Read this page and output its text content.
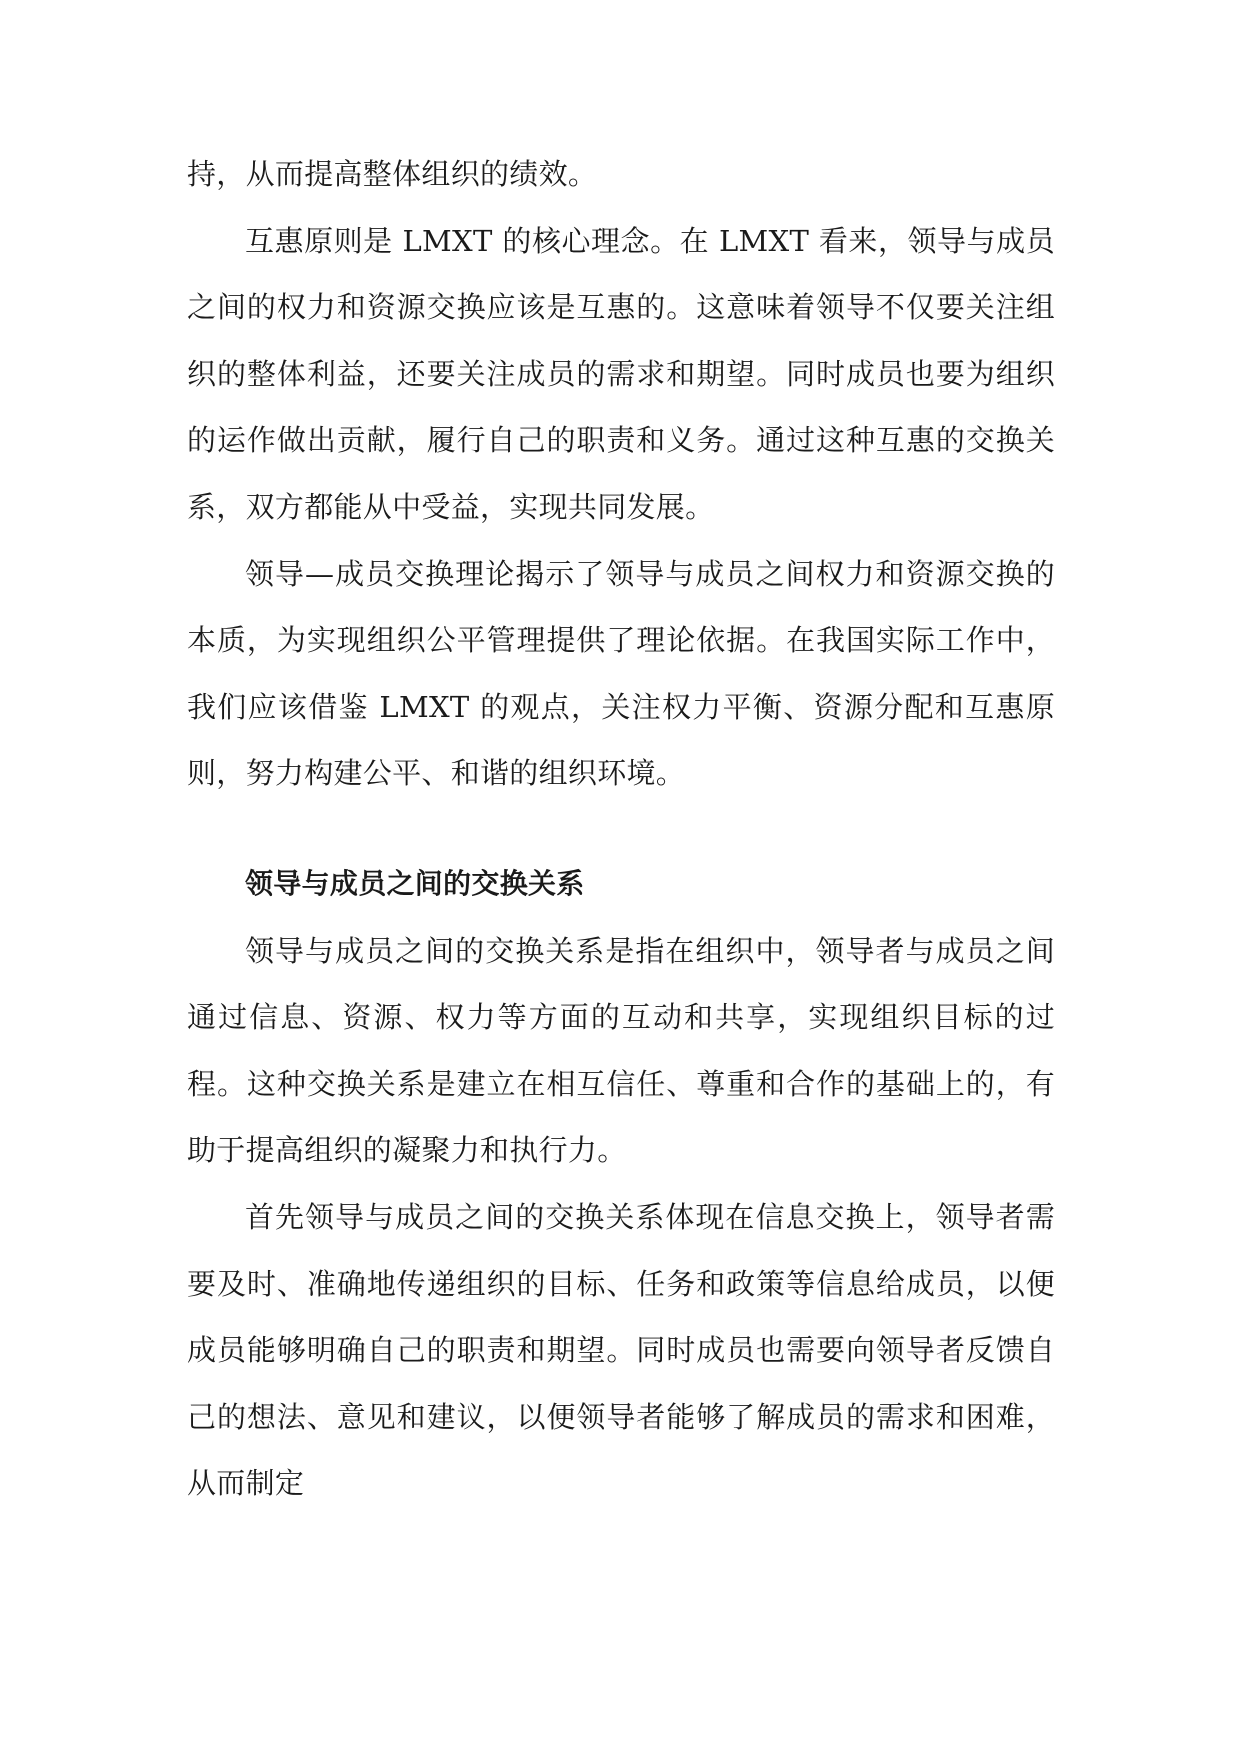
持，从而提高整体组织的绩效。

互惠原则是 LMXT 的核心理念。在 LMXT 看来，领导与成员之间的权力和资源交换应该是互惠的。这意味着领导不仅要关注组织的整体利益，还要关注成员的需求和期望。同时成员也要为组织的运作做出贡献，履行自己的职责和义务。通过这种互惠的交换关系，双方都能从中受益，实现共同发展。

领导—成员交换理论揭示了领导与成员之间权力和资源交换的本质，为实现组织公平管理提供了理论依据。在我国实际工作中，我们应该借鉴 LMXT 的观点，关注权力平衡、资源分配和互惠原则，努力构建公平、和谐的组织环境。

领导与成员之间的交换关系

领导与成员之间的交换关系是指在组织中，领导者与成员之间通过信息、资源、权力等方面的互动和共享，实现组织目标的过程。这种交换关系是建立在相互信任、尊重和合作的基础上的，有助于提高组织的凝聚力和执行力。

首先领导与成员之间的交换关系体现在信息交换上，领导者需要及时、准确地传递组织的目标、任务和政策等信息给成员，以便成员能够明确自己的职责和期望。同时成员也需要向领导者反馈自己的想法、意见和建议，以便领导者能够了解成员的需求和困难，从而制定
